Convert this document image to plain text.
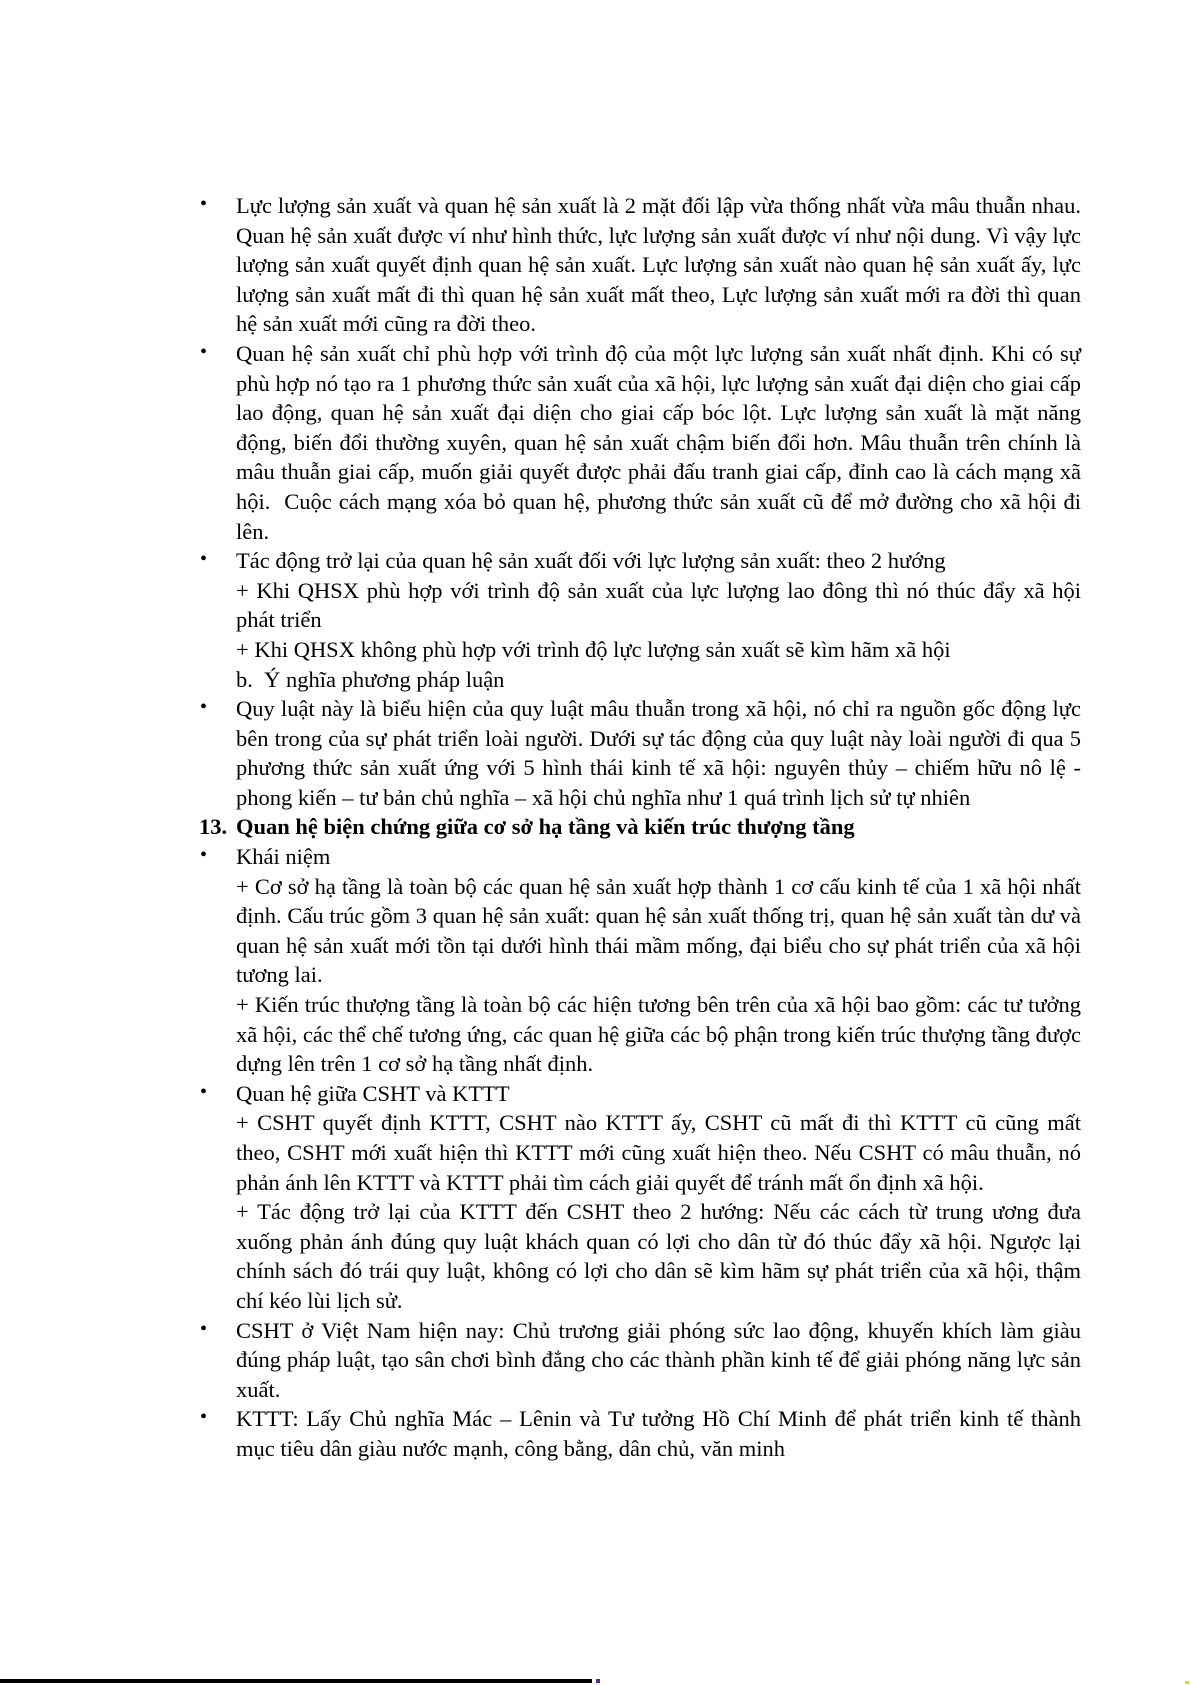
•	Lực lượng sản xuất và quan hệ sản xuất là 2 mặt đối lập vừa thống nhất vừa mâu thuẫn nhau. Quan hệ sản xuất được ví như hình thức, lực lượng sản xuất được ví như nội dung. Vì vậy lực lượng sản xuất quyết định quan hệ sản xuất. Lực lượng sản xuất nào quan hệ sản xuất ấy, lực lượng sản xuất mất đi thì quan hệ sản xuất mất theo, Lực lượng sản xuất mới ra đời thì quan hệ sản xuất mới cũng ra đời theo.
•	Quan hệ sản xuất chỉ phù hợp với trình độ của một lực lượng sản xuất nhất định. Khi có sự phù hợp nó tạo ra 1 phương thức sản xuất của xã hội, lực lượng sản xuất đại diện cho giai cấp lao động, quan hệ sản xuất đại diện cho giai cấp bóc lột. Lực lượng sản xuất là mặt năng động, biến đổi thường xuyên, quan hệ sản xuất chậm biến đổi hơn. Mâu thuẫn trên chính là mâu thuẫn giai cấp, muốn giải quyết được phải đấu tranh giai cấp, đỉnh cao là cách mạng xã hội.  Cuộc cách mạng xóa bỏ quan hệ, phương thức sản xuất cũ để mở đường cho xã hội đi lên.
•	Tác động trở lại của quan hệ sản xuất đối với lực lượng sản xuất: theo 2 hướng
+ Khi QHSX phù hợp với trình độ sản xuất của lực lượng lao đông thì nó thúc đẩy xã hội phát triển
+ Khi QHSX không phù hợp với trình độ lực lượng sản xuất sẽ kìm hãm xã hội
b.  Ý nghĩa phương pháp luận
•	Quy luật này là biểu hiện của quy luật mâu thuẫn trong xã hội, nó chỉ ra nguồn gốc động lực bên trong của sự phát triển loài người. Dưới sự tác động của quy luật này loài người đi qua 5 phương thức sản xuất ứng với 5 hình thái kinh tế xã hội: nguyên thủy – chiếm hữu nô lệ - phong kiến – tư bản chủ nghĩa – xã hội chủ nghĩa như 1 quá trình lịch sử tự nhiên
13. Quan hệ biện chứng giữa cơ sở hạ tầng và kiến trúc thượng tầng
•	Khái niệm
+ Cơ sở hạ tầng là toàn bộ các quan hệ sản xuất hợp thành 1 cơ cấu kinh tế của 1 xã hội nhất định. Cấu trúc gồm 3 quan hệ sản xuất: quan hệ sản xuất thống trị, quan hệ sản xuất tàn dư và quan hệ sản xuất mới tồn tại dưới hình thái mầm mống, đại biểu cho sự phát triển của xã hội tương lai.
+ Kiến trúc thượng tầng là toàn bộ các hiện tương bên trên của xã hội bao gồm: các tư tưởng xã hội, các thể chế tương ứng, các quan hệ giữa các bộ phận trong kiến trúc thượng tầng được dựng lên trên 1 cơ sở hạ tầng nhất định.
•	Quan hệ giữa CSHT và KTTT
+ CSHT quyết định KTTT, CSHT nào KTTT ấy, CSHT cũ mất đi thì KTTT cũ cũng mất theo, CSHT mới xuất hiện thì KTTT mới cũng xuất hiện theo. Nếu CSHT có mâu thuẫn, nó phản ánh lên KTTT và KTTT phải tìm cách giải quyết để tránh mất ổn định xã hội.
+ Tác động trở lại của KTTT đến CSHT theo 2 hướng: Nếu các cách từ trung ương đưa xuống phản ánh đúng quy luật khách quan có lợi cho dân từ đó thúc đẩy xã hội. Ngược lại chính sách đó trái quy luật, không có lợi cho dân sẽ kìm hãm sự phát triển của xã hội, thậm chí kéo lùi lịch sử.
•	CSHT ở Việt Nam hiện nay: Chủ trương giải phóng sức lao động, khuyến khích làm giàu đúng pháp luật, tạo sân chơi bình đẳng cho các thành phần kinh tế để giải phóng năng lực sản xuất.
•	KTTT: Lấy Chủ nghĩa Mác – Lênin và Tư tưởng Hồ Chí Minh để phát triển kinh tế thành mục tiêu dân giàu nước mạnh, công bằng, dân chủ, văn minh
